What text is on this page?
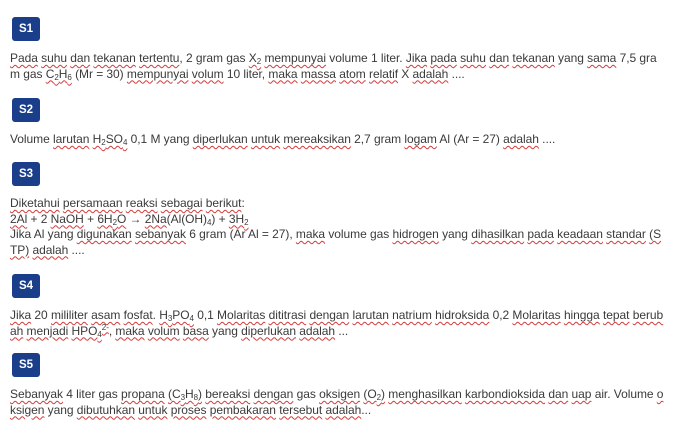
S1
Pada suhu dan tekanan tertentu, 2 gram gas $X_2$ mempunyai volume 1 liter. Jika pada suhu dan tekanan yang sama 7,5 gram gas $C_2H_6$ (Mr = 30) mempunyai volum 10 liter, maka massa atom relatif X adalah ....
S2
Volume larutan $H_2SO_4$ 0,1 M yang diperlukan untuk mereaksikan 2,7 gram logam Al (Ar = 27) adalah ....
S3
Diketahui persamaan reaksi sebagai berikut:
2Al + 2 NaOH + $6H_2O \to 2Na(Al(OH)_4) + 3H_2$
Jika Al yang digunakan sebanyak 6 gram (Ar Al = 27), maka volume gas hidrogen yang dihasilkan pada keadaan standar (STP) adalah ....
S4
Jika 20 mililiter asam fosfat. $H_3PO_4$ 0,1 Molaritas dititrasi dengan larutan natrium hidroksida 0,2 Molaritas hingga tepat berubah menjadi $HPO_4^{2-}$, maka volum basa yang diperlukan adalah ...
S5
Sebanyak 4 liter gas propana $(C_3H_8)$ bereaksi dengan gas oksigen $(O_2)$ menghasilkan karbondioksida dan uap air. Volume oksigen yang dibutuhkan untuk proses pembakaran tersebut adalah...
